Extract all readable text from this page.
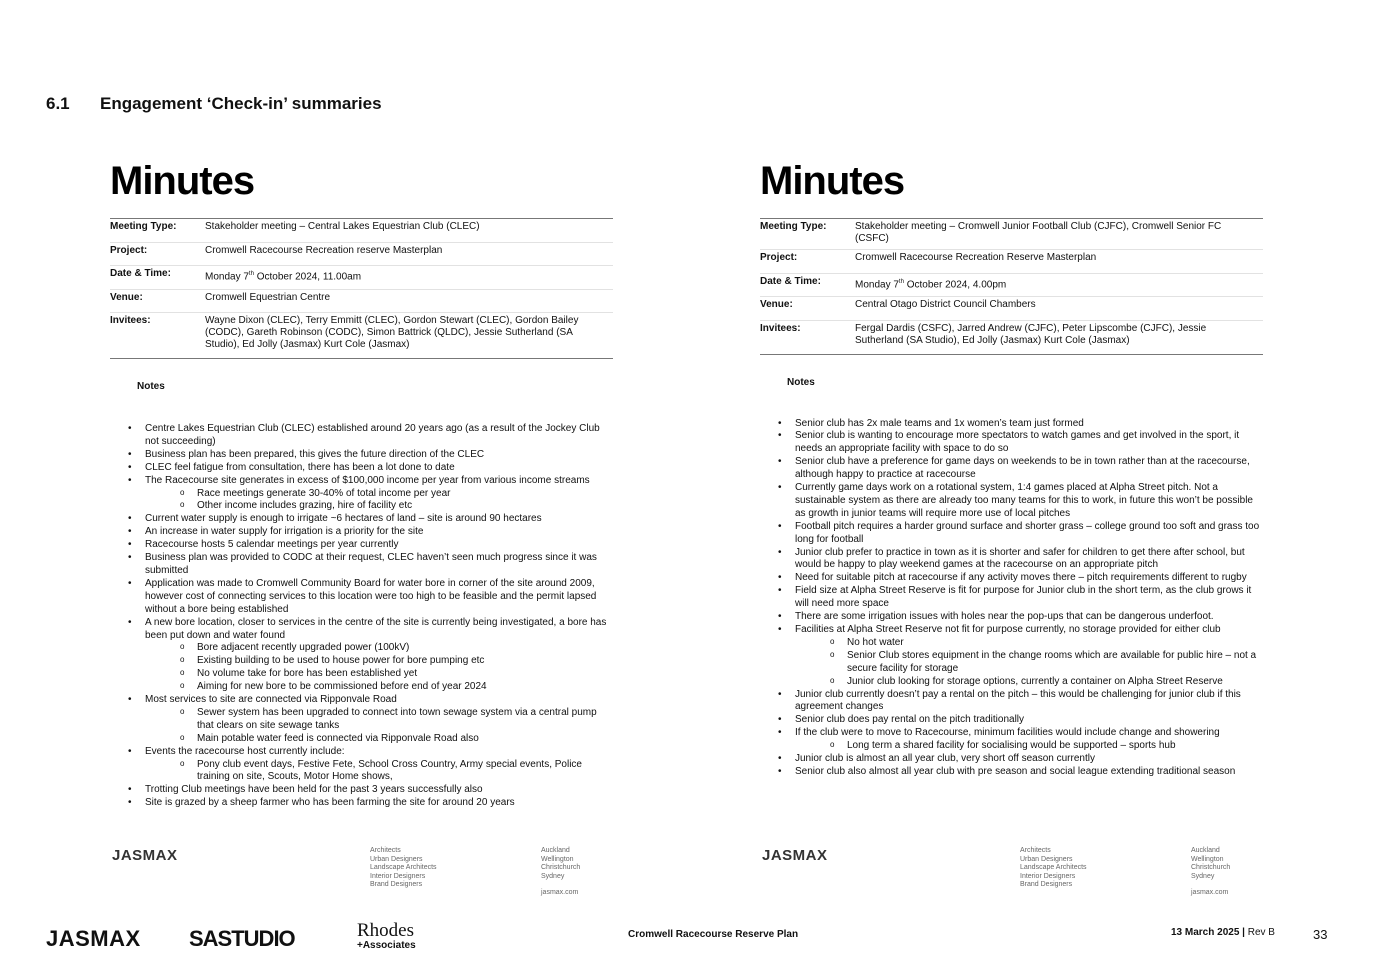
6.1 Engagement ‘Check-in’ summaries
Minutes
Meeting Type:	Stakeholder meeting – Central Lakes Equestrian Club (CLEC)
Project:	Cromwell Racecourse Recreation reserve Masterplan
Date & Time:	Monday 7th October 2024, 11.00am
Venue:	Cromwell Equestrian Centre
Invitees:	Wayne Dixon (CLEC), Terry Emmitt (CLEC), Gordon Stewart (CLEC), Gordon Bailey (CODC), Gareth Robinson (CODC), Simon Battrick (QLDC), Jessie Sutherland (SA Studio), Ed Jolly (Jasmax) Kurt Cole (Jasmax)
Notes
• Centre Lakes Equestrian Club (CLEC) established around 20 years ago (as a result of the Jockey Club not succeeding)
• Business plan has been prepared, this gives the future direction of the CLEC
• CLEC feel fatigue from consultation, there has been a lot done to date
• The Racecourse site generates in excess of $100,000 income per year from various income streams
o Race meetings generate 30-40% of total income per year
o Other income includes grazing, hire of facility etc
• Current water supply is enough to irrigate ~6 hectares of land – site is around 90 hectares
• An increase in water supply for irrigation is a priority for the site
• Racecourse hosts 5 calendar meetings per year currently
• Business plan was provided to CODC at their request, CLEC haven’t seen much progress since it was submitted
• Application was made to Cromwell Community Board for water bore in corner of the site around 2009, however cost of connecting services to this location were too high to be feasible and the permit lapsed without a bore being established
• A new bore location, closer to services in the centre of the site is currently being investigated, a bore has been put down and water found
o Bore adjacent recently upgraded power (100kV)
o Existing building to be used to house power for bore pumping etc
o No volume take for bore has been established yet
o Aiming for new bore to be commissioned before end of year 2024
• Most services to site are connected via Ripponvale Road
o Sewer system has been upgraded to connect into town sewage system via a central pump that clears on site sewage tanks
o Main potable water feed is connected via Ripponvale Road also
• Events the racecourse host currently include:
o Pony club event days, Festive Fete, School Cross Country, Army special events, Police training on site, Scouts, Motor Home shows,
• Trotting Club meetings have been held for the past 3 years successfully also
• Site is grazed by a sheep farmer who has been farming the site for around 20 years
Minutes
Meeting Type:	Stakeholder meeting – Cromwell Junior Football Club (CJFC), Cromwell Senior FC (CSFC)
Project:	Cromwell Racecourse Recreation Reserve Masterplan
Date & Time:	Monday 7th October 2024, 4.00pm
Venue:	Central Otago District Council Chambers
Invitees:	Fergal Dardis (CSFC), Jarred Andrew (CJFC), Peter Lipscombe (CJFC), Jessie Sutherland (SA Studio), Ed Jolly (Jasmax) Kurt Cole (Jasmax)
Notes
• Senior club has 2x male teams and 1x women’s team just formed
• Senior club is wanting to encourage more spectators to watch games and get involved in the sport, it needs an appropriate facility with space to do so
• Senior club have a preference for game days on weekends to be in town rather than at the racecourse, although happy to practice at racecourse
• Currently game days work on a rotational system, 1:4 games placed at Alpha Street pitch. Not a sustainable system as there are already too many teams for this to work, in future this won’t be possible as growth in junior teams will require more use of local pitches
• Football pitch requires a harder ground surface and shorter grass – college ground too soft and grass too long for football
• Junior club prefer to practice in town as it is shorter and safer for children to get there after school, but would be happy to play weekend games at the racecourse on an appropriate pitch
• Need for suitable pitch at racecourse if any activity moves there – pitch requirements different to rugby
• Field size at Alpha Street Reserve is fit for purpose for Junior club in the short term, as the club grows it will need more space
• There are some irrigation issues with holes near the pop-ups that can be dangerous underfoot.
• Facilities at Alpha Street Reserve not fit for purpose currently, no storage provided for either club
o No hot water
o Senior Club stores equipment in the change rooms which are available for public hire – not a secure facility for storage
o Junior club looking for storage options, currently a container on Alpha Street Reserve
• Junior club currently doesn’t pay a rental on the pitch – this would be challenging for junior club if this agreement changes
• Senior club does pay rental on the pitch traditionally
• If the club were to move to Racecourse, minimum facilities would include change and showering
o Long term a shared facility for socialising would be supported – sports hub
• Junior club is almost an all year club, very short off season currently
• Senior club also almost all year club with pre season and social league extending traditional season
JASMAX	Architects
Urban Designers
Landscape Architects
Interior Designers
Brand Designers
Auckland
Wellington
Christchurch
Sydney
jasmax.com
JASMAX	Architects
Urban Designers
Landscape Architects
Interior Designers
Brand Designers
Auckland
Wellington
Christchurch
Sydney
jasmax.com
JASMAX SASTUDIO	Rhodes
+Associates
Cromwell Racecourse Reserve Plan	13 March 2025 | Rev B	33
